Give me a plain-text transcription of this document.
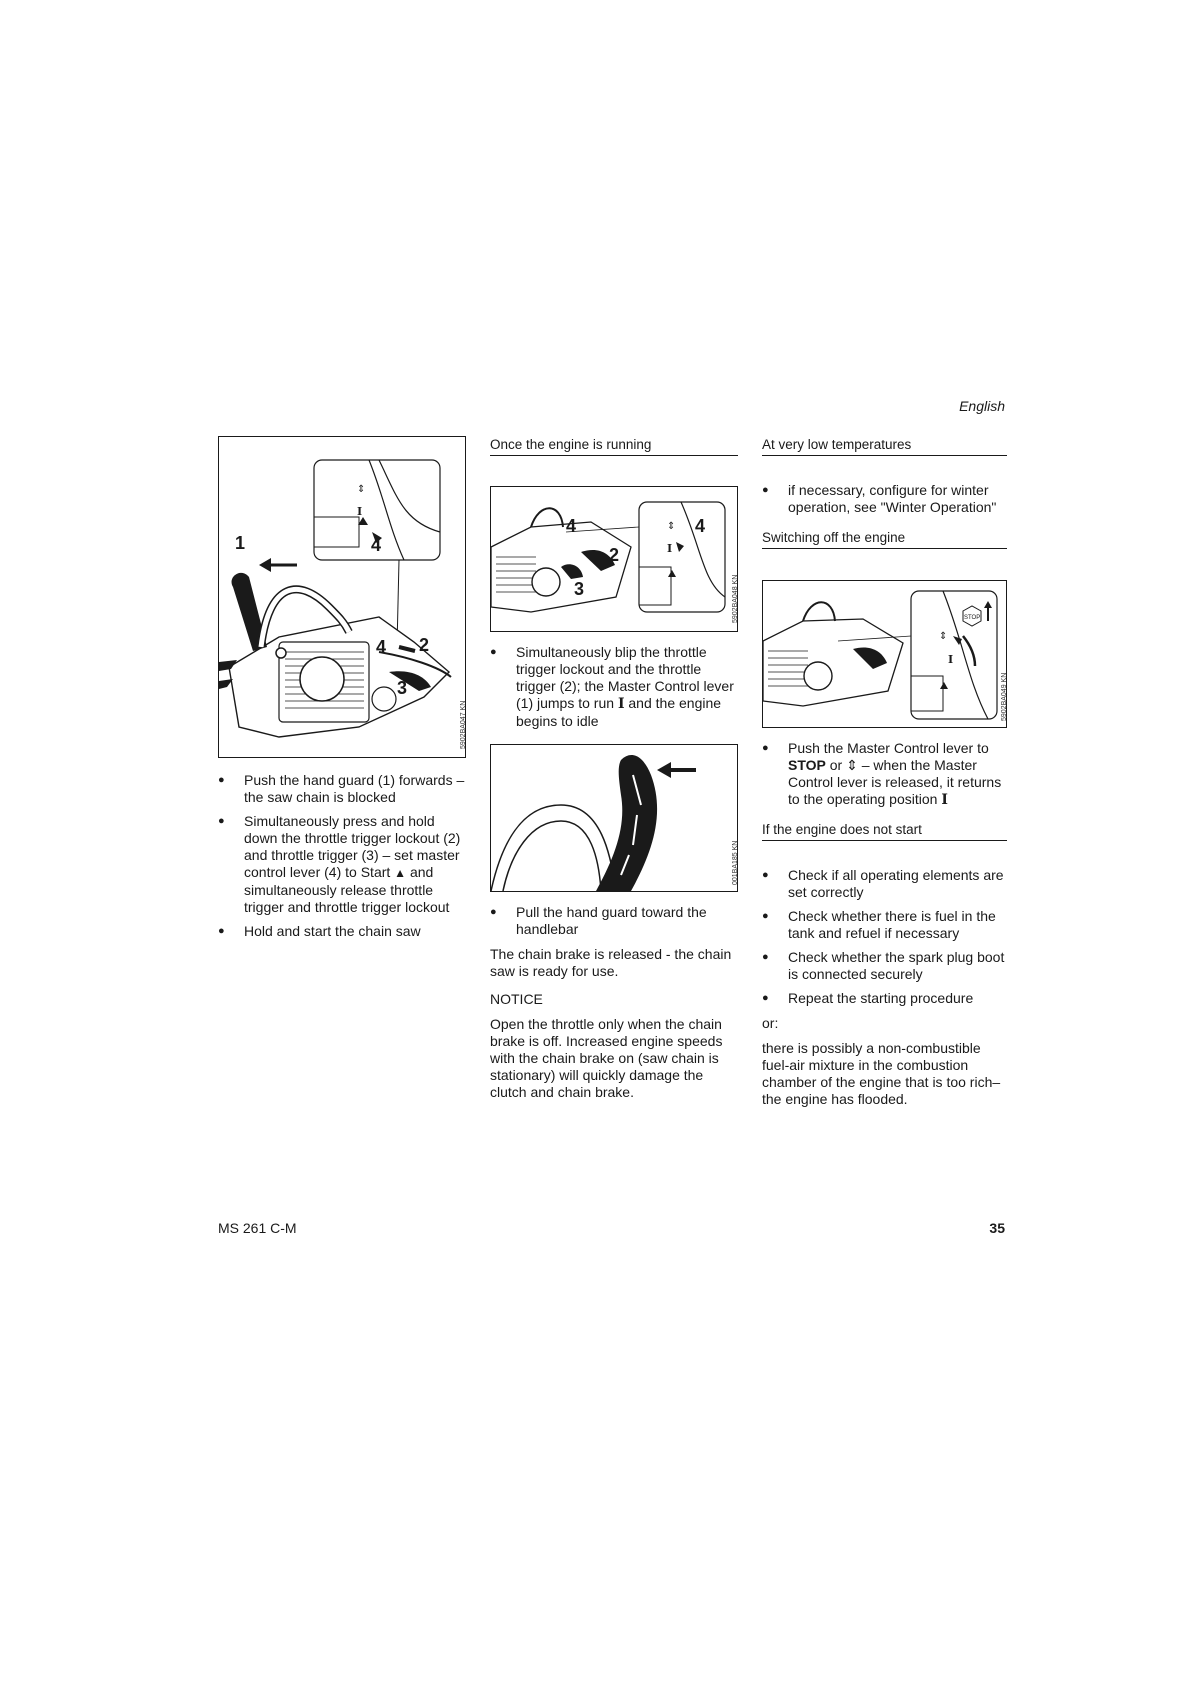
English
1	4
4 2
3
⇕
I
5902BA047 KN
● Push the hand guard (1) forwards – the saw chain is blocked
● Simultaneously press and hold down the throttle trigger lockout (2) and throttle trigger (3) – set master control lever (4) to Start ▲ and simultaneously release throttle trigger and throttle trigger lockout
● Hold and start the chain saw
Once the engine is running
4
2
3
4
⇕
I
5902BA048 KN
● Simultaneously blip the throttle trigger lockout and the throttle trigger (2); the Master Control lever (1) jumps to run I and the engine begins to idle
001BA185 KN
● Pull the hand guard toward the handlebar
The chain brake is released - the chain saw is ready for use.
NOTICE
Open the throttle only when the chain brake is off. Increased engine speeds with the chain brake on (saw chain is stationary) will quickly damage the clutch and chain brake.
At very low temperatures
● if necessary, configure for winter operation, see "Winter Operation"
Switching off the engine
STOP
⇕
I
5902BA049 KN
● Push the Master Control lever to STOP or ⇕ – when the Master Control lever is released, it returns to the operating position I
If the engine does not start
● Check if all operating elements are set correctly
● Check whether there is fuel in the tank and refuel if necessary
● Check whether the spark plug boot is connected securely
● Repeat the starting procedure
or:
there is possibly a non-combustible fuel-air mixture in the combustion chamber of the engine that is too rich– the engine has flooded.
MS 261 C-M	35
